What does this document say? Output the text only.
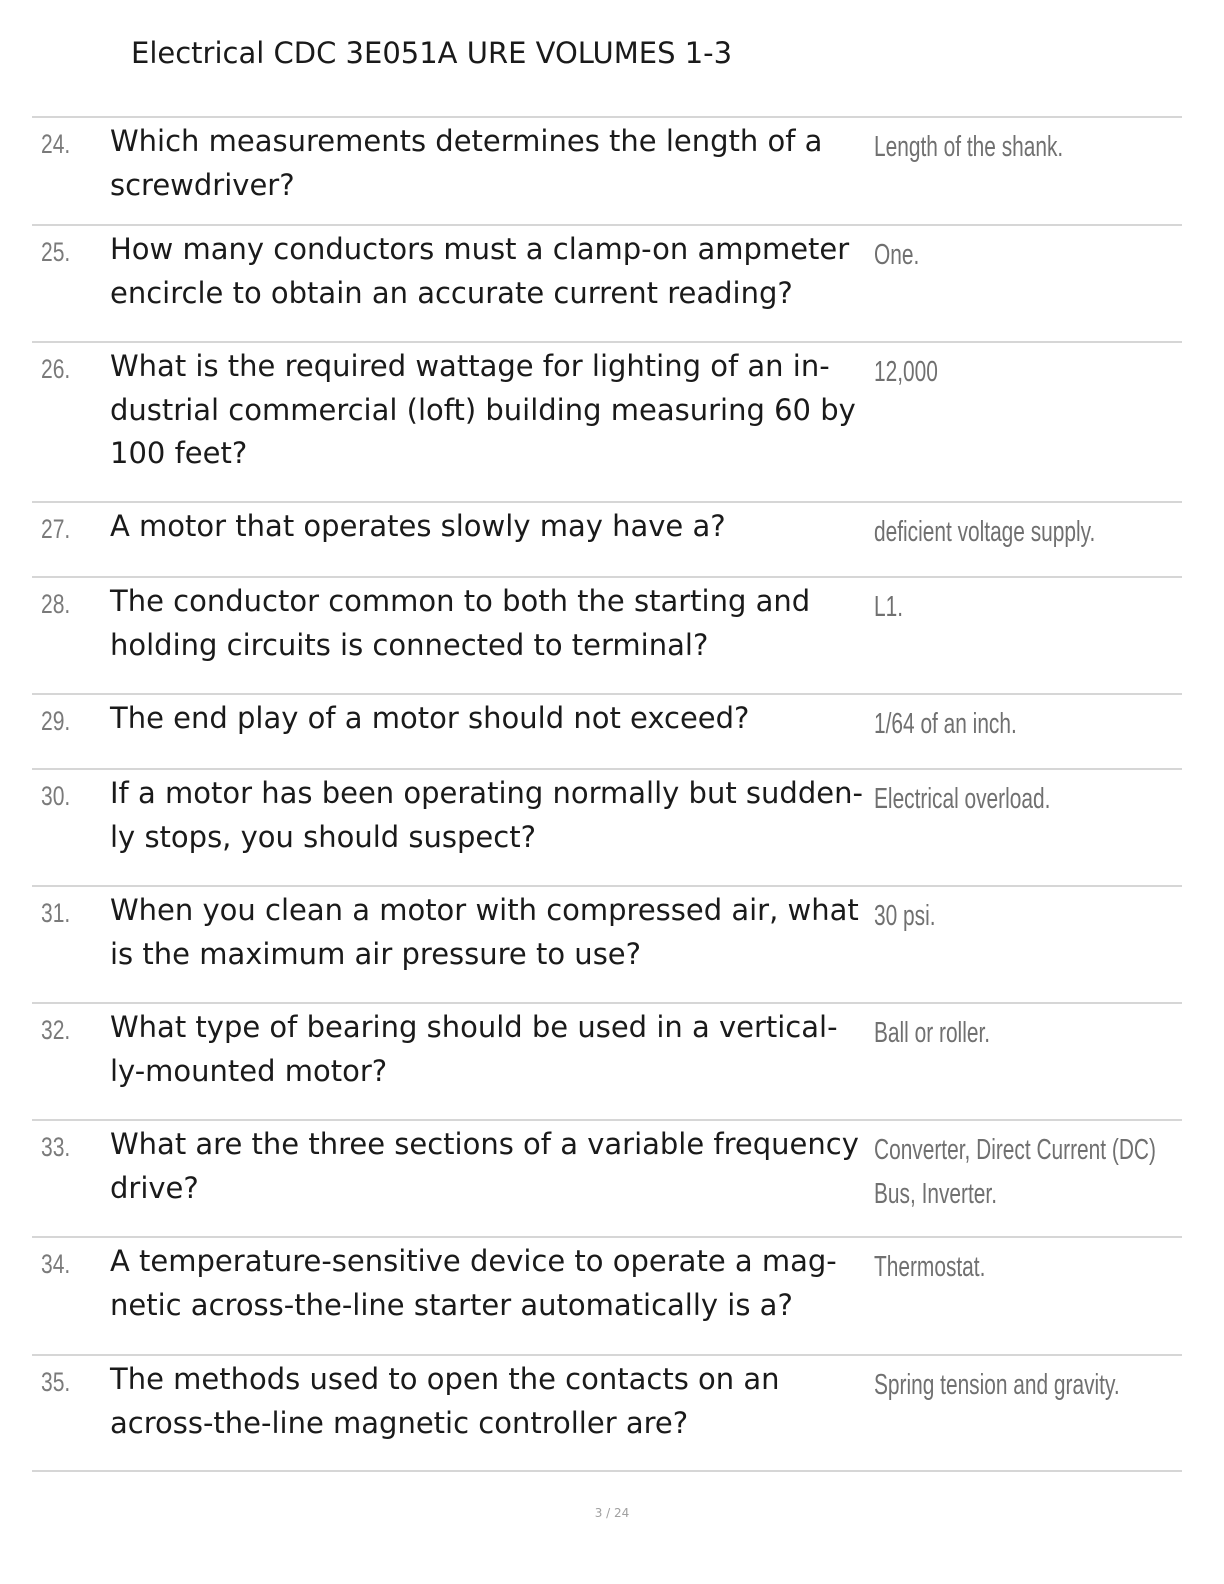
Electrical CDC 3E051A URE VOLUMES 1-3
24. Which measurements determines the length of a
screwdriver?
Length of the shank.
25. How many conductors must a clamp-on ampmeter
encircle to obtain an accurate current reading?
One.
26. What is the required wattage for lighting of an in-
dustrial commercial (loft) building measuring 60 by
100 feet?
12,000
27. A motor that operates slowly may have a?	deficient voltage supply.
28. The conductor common to both the starting and
holding circuits is connected to terminal?
L1.
29. The end play of a motor should not exceed?	1/64 of an inch.
30. If a motor has been operating normally but sudden-
ly stops, you should suspect?
Electrical overload.
31. When you clean a motor with compressed air, what
is the maximum air pressure to use?
30 psi.
32. What type of bearing should be used in a vertical-
ly-mounted motor?
Ball or roller.
33. What are the three sections of a variable frequency
drive?
Converter, Direct Current (DC)
Bus, Inverter.
34. A temperature-sensitive device to operate a mag-
netic across-the-line starter automatically is a?
Thermostat.
35. The methods used to open the contacts on an
across-the-line magnetic controller are?
Spring tension and gravity.
3 / 24
